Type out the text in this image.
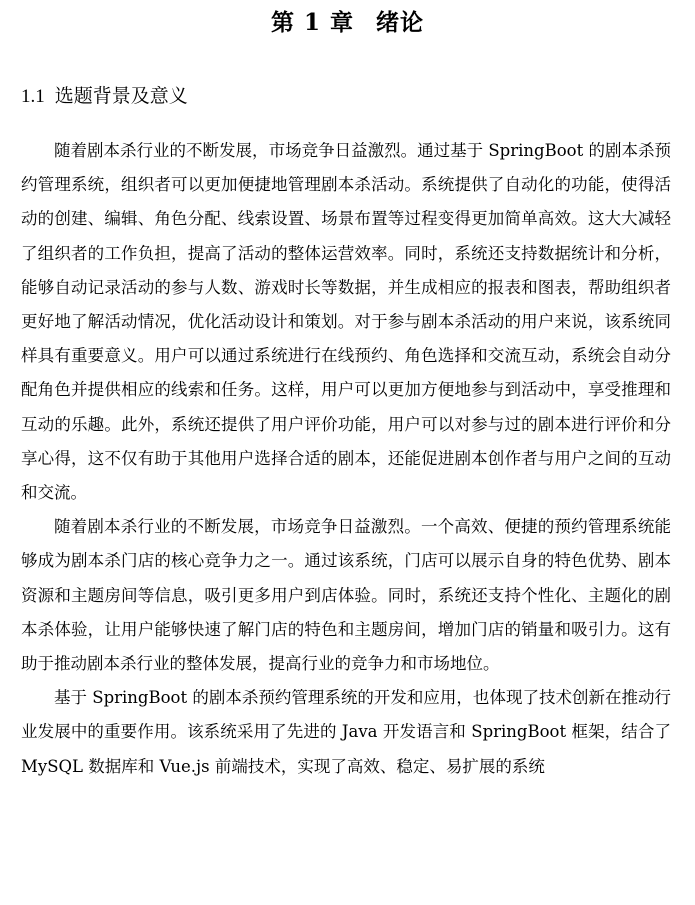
第 1 章 绪论
1.1 选题背景及意义

随着剧本杀行业的不断发展，市场竞争日益激烈。通过基于 SpringBoot 的剧本杀预约管理系统，组织者可以更加便捷地管理剧本杀活动。系统提供了自动化的功能，使得活动的创建、编辑、角色分配、线索设置、场景布置等过程变得更加简单高效。这大大减轻了组织者的工作负担，提高了活动的整体运营效率。同时，系统还支持数据统计和分析，能够自动记录活动的参与人数、游戏时长等数据，并生成相应的报表和图表，帮助组织者更好地了解活动情况，优化活动设计和策划。对于参与剧本杀活动的用户来说，该系统同样具有重要意义。用户可以通过系统进行在线预约、角色选择和交流互动，系统会自动分配角色并提供相应的线索和任务。这样，用户可以更加方便地参与到活动中，享受推理和互动的乐趣。此外，系统还提供了用户评价功能，用户可以对参与过的剧本进行评价和分享心得，这不仅有助于其他用户选择合适的剧本，还能促进剧本创作者与用户之间的互动和交流。

随着剧本杀行业的不断发展，市场竞争日益激烈。一个高效、便捷的预约管理系统能够成为剧本杀门店的核心竞争力之一。通过该系统，门店可以展示自身的特色优势、剧本资源和主题房间等信息，吸引更多用户到店体验。同时，系统还支持个性化、主题化的剧本杀体验，让用户能够快速了解门店的特色和主题房间，增加门店的销量和吸引力。这有助于推动剧本杀行业的整体发展，提高行业的竞争力和市场地位。

基于 SpringBoot 的剧本杀预约管理系统的开发和应用，也体现了技术创新在推动行业发展中的重要作用。该系统采用了先进的 Java 开发语言和 SpringBoot 框架，结合了 MySQL 数据库和 Vue.js 前端技术，实现了高效、稳定、易扩展的系统
